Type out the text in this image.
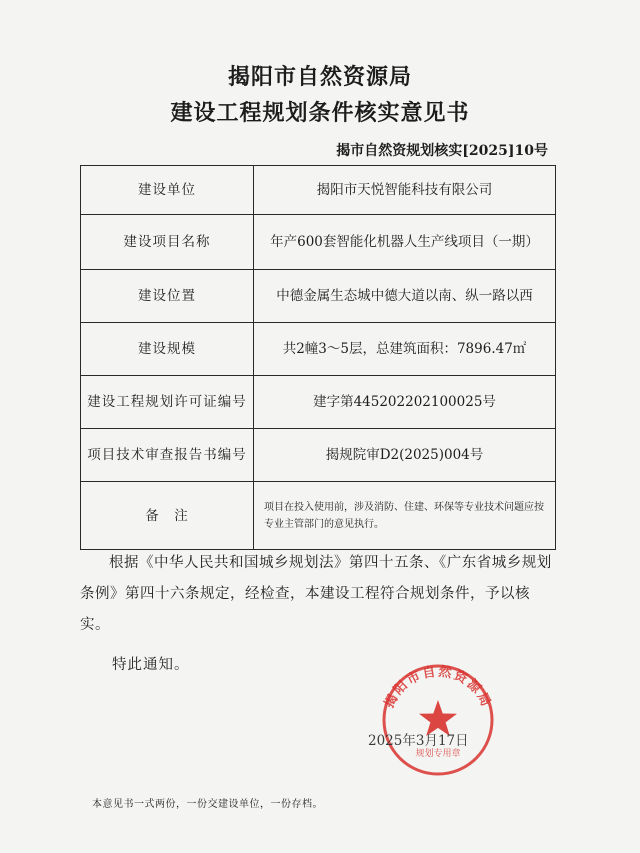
揭阳市自然资源局
建设工程规划条件核实意见书
揭市自然资规划核实[2025]10号
建设单位	揭阳市天悦智能科技有限公司
建设项目名称	年产600套智能化机器人生产线项目（一期）
建设位置	中德金属生态城中德大道以南、纵一路以西
建设规模	共2幢3～5层，总建筑面积：7896.47㎡
建设工程规划许可证编号	建字第445202202100025号
项目技术审查报告书编号	揭规院审D2(2025)004号
备　注	项目在投入使用前，涉及消防、住建、环保等专业技术问题应按专业主管部门的意见执行。
根据《中华人民共和国城乡规划法》第四十五条、《广东省城乡规划条例》第四十六条规定，经检查，本建设工程符合规划条件，予以核实。
特此通知。
揭阳市自然资源局
规划专用章
2025年3月17日
本意见书一式两份，一份交建设单位，一份存档。
